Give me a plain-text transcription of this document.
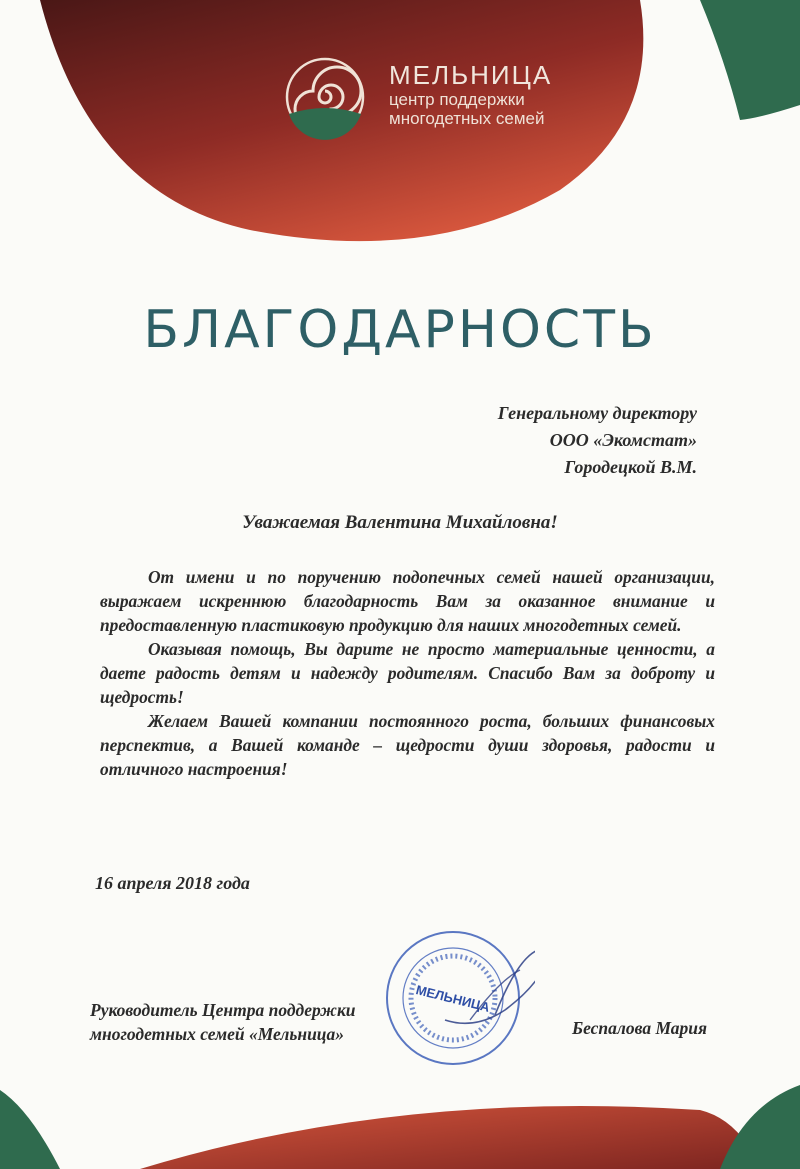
МЕЛЬНИЦА
центр поддержки
многодетных семей
БЛАГОДАРНОСТЬ
Генеральному директору
ООО «Экомстат»
Городецкой В.М.
Уважаемая Валентина Михайловна!

От имени и по поручению подопечных семей нашей организации, выражаем искреннюю благодарность Вам за оказанное внимание и предоставленную пластиковую продукцию для наших многодетных семей.

Оказывая помощь, Вы дарите не просто материальные ценности, а даете радость детям и надежду родителям. Спасибо Вам за доброту и щедрость!

Желаем Вашей компании постоянного роста, больших финансовых перспектив, а Вашей команде – щедрости души здоровья, радости и отличного настроения!

16 апреля 2018 года
Руководитель Центра поддержки
многодетных семей «Мельница»
МЕЛЬНИЦА
Беспалова Мария
